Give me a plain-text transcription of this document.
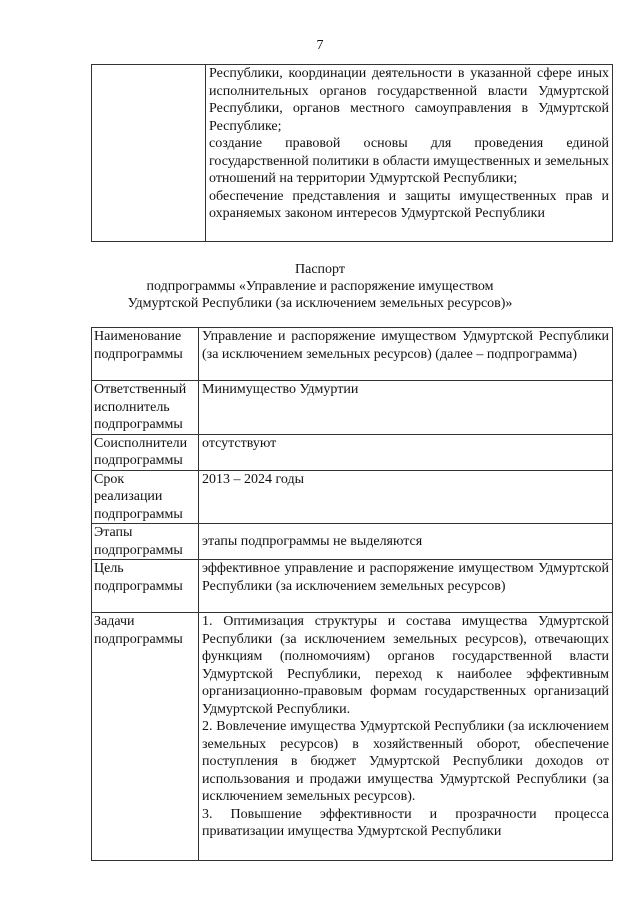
7

Республики, координации деятельности в указанной сфере иных исполнительных органов государственной власти Удмуртской Республики, органов местного самоуправления в Удмуртской Республике;

создание правовой основы для проведения единой государственной политики в области имущественных и земельных отношений на территории Удмуртской Республики;

обеспечение представления и защиты имущественных прав и охраняемых законом интересов Удмуртской Республики

Паспорт
подпрограммы «Управление и распоряжение имуществом
Удмуртской Республики (за исключением земельных ресурсов)»
Наименование подпрограммы	Управление и распоряжение имуществом Удмуртской Республики (за исключением земельных ресурсов) (далее – подпрограмма)

Ответственный исполнитель подпрограммы	Минимущество Удмуртии

Соисполнители подпрограммы	отсутствуют

Срок реализации подпрограммы	2013 – 2024 годы

Этапы подпрограммы	этапы подпрограммы не выделяются

Цель подпрограммы	эффективное управление и распоряжение имуществом Удмуртской Республики (за исключением земельных ресурсов)

Задачи подпрограммы	1. Оптимизация структуры и состава имущества Удмуртской Республики (за исключением земельных ресурсов), отвечающих функциям (полномочиям) органов государственной власти Удмуртской Республики, переход к наиболее эффективным организационно-правовым формам государственных организаций Удмуртской Республики.

2. Вовлечение имущества Удмуртской Республики (за исключением земельных ресурсов) в хозяйственный оборот, обеспечение поступления в бюджет Удмуртской Республики доходов от использования и продажи имущества Удмуртской Республики (за исключением земельных ресурсов).

3. Повышение эффективности и прозрачности процесса приватизации имущества Удмуртской Республики
